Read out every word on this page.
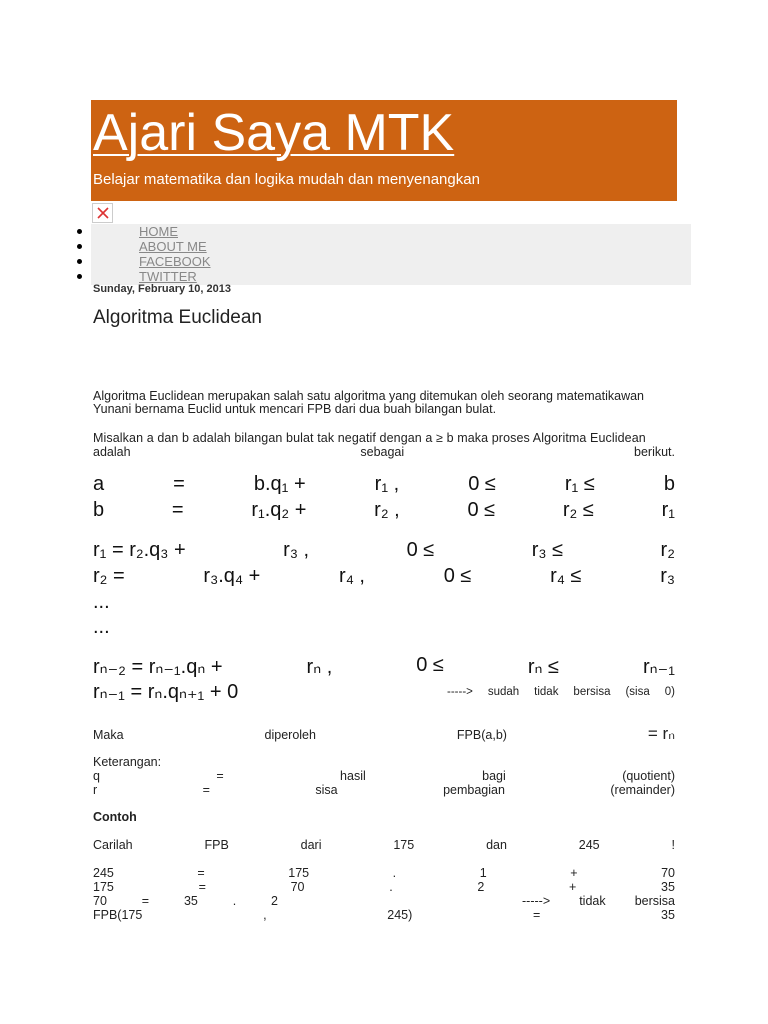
Ajari Saya MTK
Belajar matematika dan logika mudah dan menyenangkan
HOME
ABOUT ME
FACEBOOK
TWITTER
Sunday, February 10, 2013
Algoritma Euclidean
Algoritma Euclidean merupakan salah satu algoritma yang ditemukan oleh seorang matematikawan
Yunani bernama Euclid untuk mencari FPB dari dua buah bilangan bulat.
Misalkan a dan b adalah bilangan bulat tak negatif dengan a ≥ b maka proses Algoritma Euclidean
adalah	sebagai	berikut.
a	=	b.q₁ +	r₁ ,	0 ≤	r₁ ≤	b
b	=	r₁.q₂ +	r₂ ,	0 ≤	r₂ ≤	r₁
r₁ = r₂.q₃ +	r₃ ,	0 ≤	r₃ ≤	r₂
r₂ =	r₃.q₄ +	r₄ ,	0 ≤	r₄ ≤	r₃
...
...
rₙ₋₂ = rₙ₋₁.qₙ +	rₙ ,	0 ≤	rₙ ≤	rₙ₋₁
rₙ₋₁ = rₙ.qₙ₊₁ + 0	-----> sudah tidak bersisa (sisa 0)
Maka	diperoleh	FPB(a,b)	= rₙ
Keterangan:
q	=	hasil	bagi	(quotient)
r	=	sisa	pembagian	(remainder)
Contoh
Carilah	FPB	dari	175	dan	245	!
245	=	175	.	1	+	70
175	=	70	.	2	+	35
70	=	35	.	2	-----> tidak bersisa
FPB(175	,	245)	=	35
